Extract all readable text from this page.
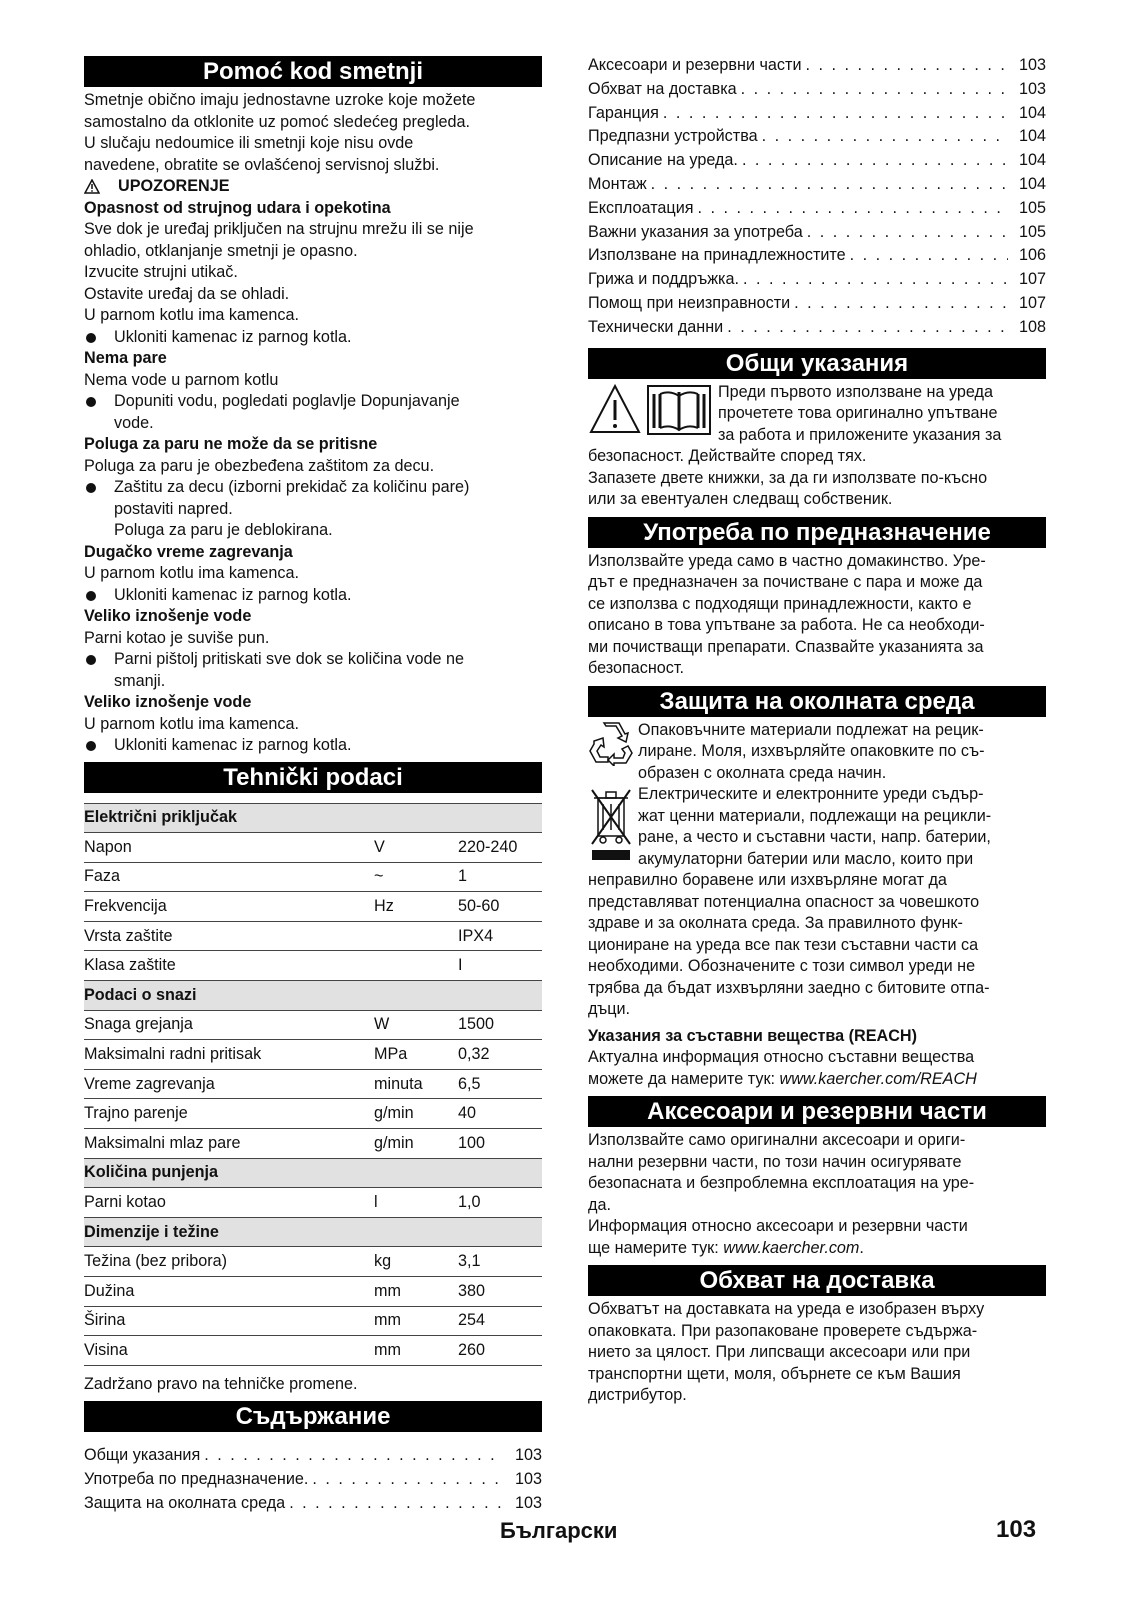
Pomoć kod smetnji

Smetnje obično imaju jednostavne uzroke koje možete

samostalno da otklonite uz pomoć sledećeg pregleda.

U slučaju nedoumice ili smetnji koje nisu ovde

navedene, obratite se ovlašćenoj servisnoj službi.

UPOZORENJE

Opasnost od strujnog udara i opekotina

Sve dok je uređaj priključen na strujnu mrežu ili se nije

ohladio, otklanjanje smetnji je opasno.

Izvucite strujni utikač.

Ostavite uređaj da se ohladi.

U parnom kotlu ima kamenca.

Ukloniti kamenac iz parnog kotla.

Nema pare

Nema vode u parnom kotlu

Dopuniti vodu, pogledati poglavlje Dopunjavanje
vode.

Poluga za paru ne može da se pritisne

Poluga za paru je obezbeđena zaštitom za decu.

Zaštitu za decu (izborni prekidač za količinu pare)
postaviti napred.

Poluga za paru je deblokirana.

Dugačko vreme zagrevanja

U parnom kotlu ima kamenca.

Ukloniti kamenac iz parnog kotla.

Veliko iznošenje vode

Parni kotao je suviše pun.

Parni pištolj pritiskati sve dok se količina vode ne
smanji.

Veliko iznošenje vode

U parnom kotlu ima kamenca.

Ukloniti kamenac iz parnog kotla.
Tehnički podaci
Električni priključak		
Napon	V	220-240
Faza	~	1
Frekvencija	Hz	50-60
Vrsta zaštite		IPX4
Klasa zaštite		I
Podaci o snazi		
Snaga grejanja	W	1500
Maksimalni radni pritisak	MPa	0,32
Vreme zagrevanja	minuta	6,5
Trajno parenje	g/min	40
Maksimalni mlaz pare	g/min	100
Količina punjenja		
Parni kotao	l	1,0
Dimenzije i težine		
Težina (bez pribora)	kg	3,1
Dužina	mm	380
Širina	mm	254
Visina	mm	260

Zadržano pravo na tehničke promene.

Съдържание
Общи указания . . .	103
Употреба по предназначение. . . .	103
Защита на околната среда . . .	103
Аксесоари и резервни части . . .	103
Обхват на доставка . . .	103
Гаранция . . .	104
Предпазни устройства . . .	104
Описание на уреда. . . .	104
Монтаж . . .	104
Експлоатация . . .	105
Важни указания за употреба . . .	105
Използване на принадлежностите . . .	106
Грижа и поддръжка. . . .	107
Помощ при неизправности . . .	107
Технически данни . . .	108
Общи указания

Преди първото използване на уреда

прочетете това оригинално упътване

за работа и приложените указания за

безопасност. Действайте според тях.

Запазете двете книжки, за да ги използвате по-късно

или за евентуален следващ собственик.

Употреба по предназначение

Използвайте уреда само в частно домакинство. Уре-

дът е предназначен за почистване с пара и може да

се използва с подходящи принадлежности, както е

описано в това упътване за работа. Не са необходи-

ми почистващи препарати. Спазвайте указанията за

безопасност.

Защита на околната среда

Опаковъчните материали подлежат на рецик-

лиране. Моля, изхвърляйте опаковките по съ-

образен с околната среда начин.

Електрическите и електронните уреди съдър-

жат ценни материали, подлежащи на рецикли-

ране, а често и съставни части, напр. батерии,

акумулаторни батерии или масло, които при

неправилно боравене или изхвърляне могат да

представляват потенциална опасност за човешкото

здраве и за околната среда. За правилното функ-

циониране на уреда все пак тези съставни части са

необходими. Обозначените с този символ уреди не

трябва да бъдат изхвърляни заедно с битовите отпа-

дъци.

Указания за съставни вещества (REACH)

Актуална информация относно съставни вещества

можете да намерите тук: www.kaercher.com/REACH

Аксесоари и резервни части

Използвайте само оригинални аксесоари и ориги-

нални резервни части, по този начин осигурявате

безопасната и безпроблемна експлоатация на уре-

да.

Информация относно аксесоари и резервни части

ще намерите тук: www.kaercher.com.

Обхват на доставка

Обхватът на доставката на уреда е изобразен върху

опаковката. При разопаковане проверете съдържа-

нието за цялост. При липсващи аксесоари или при

транспортни щети, моля, обърнете се към Вашия

дистрибутор.

Български	103
